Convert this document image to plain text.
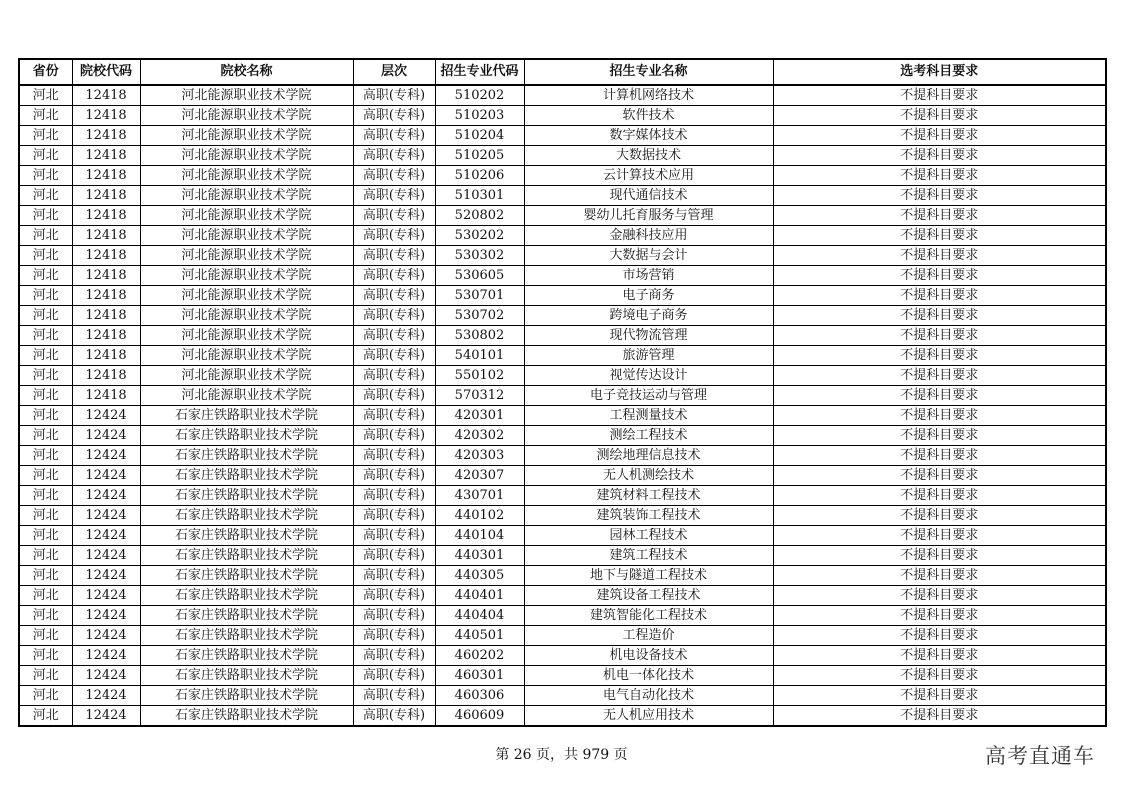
省份	院校代码	院校名称	层次	招生专业代码	招生专业名称	选考科目要求
河北	12418	河北能源职业技术学院	高职(专科)	510202	计算机网络技术	不提科目要求
河北	12418	河北能源职业技术学院	高职(专科)	510203	软件技术	不提科目要求
河北	12418	河北能源职业技术学院	高职(专科)	510204	数字媒体技术	不提科目要求
河北	12418	河北能源职业技术学院	高职(专科)	510205	大数据技术	不提科目要求
河北	12418	河北能源职业技术学院	高职(专科)	510206	云计算技术应用	不提科目要求
河北	12418	河北能源职业技术学院	高职(专科)	510301	现代通信技术	不提科目要求
河北	12418	河北能源职业技术学院	高职(专科)	520802	婴幼儿托育服务与管理	不提科目要求
河北	12418	河北能源职业技术学院	高职(专科)	530202	金融科技应用	不提科目要求
河北	12418	河北能源职业技术学院	高职(专科)	530302	大数据与会计	不提科目要求
河北	12418	河北能源职业技术学院	高职(专科)	530605	市场营销	不提科目要求
河北	12418	河北能源职业技术学院	高职(专科)	530701	电子商务	不提科目要求
河北	12418	河北能源职业技术学院	高职(专科)	530702	跨境电子商务	不提科目要求
河北	12418	河北能源职业技术学院	高职(专科)	530802	现代物流管理	不提科目要求
河北	12418	河北能源职业技术学院	高职(专科)	540101	旅游管理	不提科目要求
河北	12418	河北能源职业技术学院	高职(专科)	550102	视觉传达设计	不提科目要求
河北	12418	河北能源职业技术学院	高职(专科)	570312	电子竞技运动与管理	不提科目要求
河北	12424	石家庄铁路职业技术学院	高职(专科)	420301	工程测量技术	不提科目要求
河北	12424	石家庄铁路职业技术学院	高职(专科)	420302	测绘工程技术	不提科目要求
河北	12424	石家庄铁路职业技术学院	高职(专科)	420303	测绘地理信息技术	不提科目要求
河北	12424	石家庄铁路职业技术学院	高职(专科)	420307	无人机测绘技术	不提科目要求
河北	12424	石家庄铁路职业技术学院	高职(专科)	430701	建筑材料工程技术	不提科目要求
河北	12424	石家庄铁路职业技术学院	高职(专科)	440102	建筑装饰工程技术	不提科目要求
河北	12424	石家庄铁路职业技术学院	高职(专科)	440104	园林工程技术	不提科目要求
河北	12424	石家庄铁路职业技术学院	高职(专科)	440301	建筑工程技术	不提科目要求
河北	12424	石家庄铁路职业技术学院	高职(专科)	440305	地下与隧道工程技术	不提科目要求
河北	12424	石家庄铁路职业技术学院	高职(专科)	440401	建筑设备工程技术	不提科目要求
河北	12424	石家庄铁路职业技术学院	高职(专科)	440404	建筑智能化工程技术	不提科目要求
河北	12424	石家庄铁路职业技术学院	高职(专科)	440501	工程造价	不提科目要求
河北	12424	石家庄铁路职业技术学院	高职(专科)	460202	机电设备技术	不提科目要求
河北	12424	石家庄铁路职业技术学院	高职(专科)	460301	机电一体化技术	不提科目要求
河北	12424	石家庄铁路职业技术学院	高职(专科)	460306	电气自动化技术	不提科目要求
河北	12424	石家庄铁路职业技术学院	高职(专科)	460609	无人机应用技术	不提科目要求
第 26 页，共 979 页	高考直通车
